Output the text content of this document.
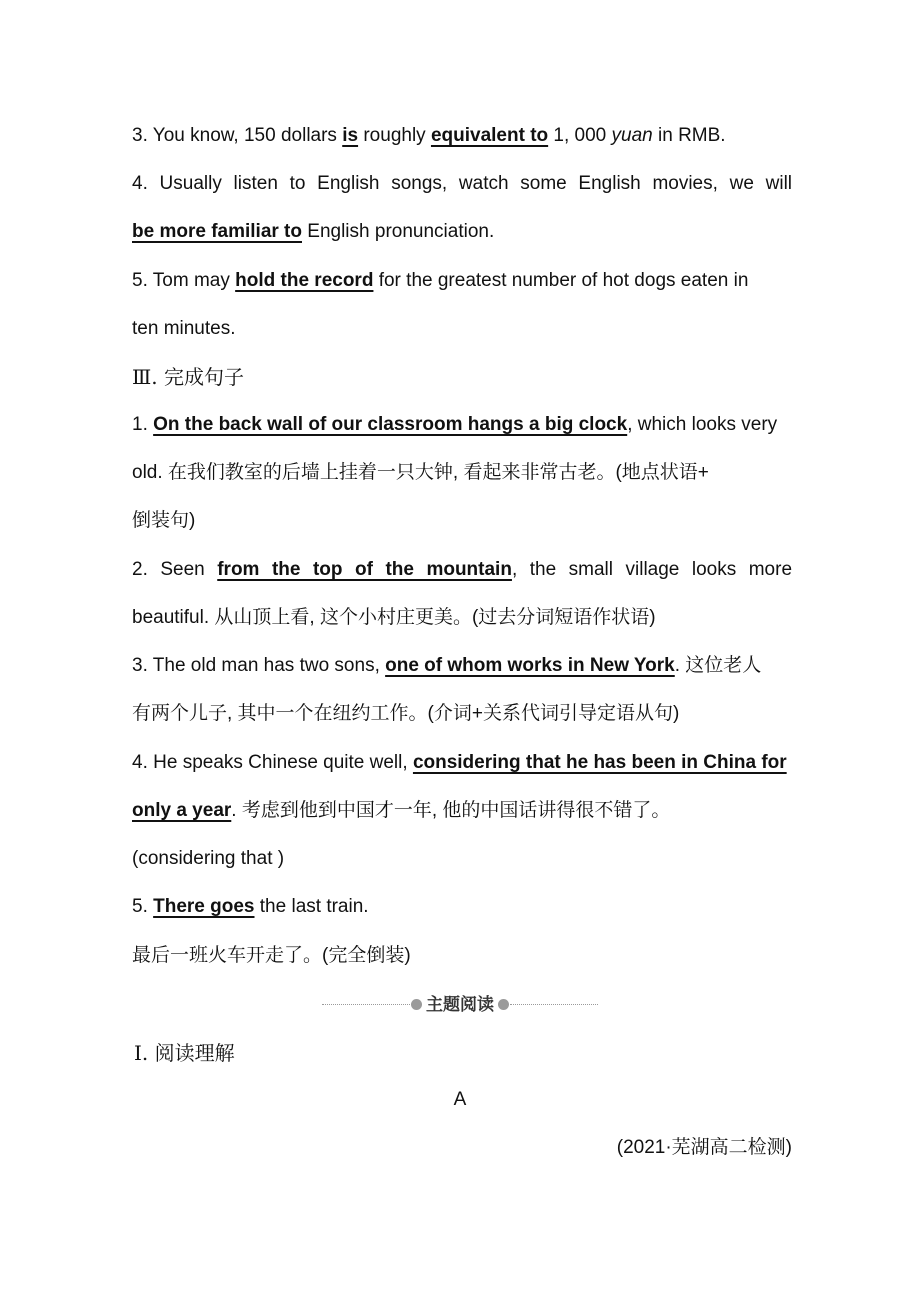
3. You know, 150 dollars is roughly equivalent to 1, 000 yuan in RMB.
4. Usually listen to English songs, watch some English movies, we will
be more familiar to English pronunciation.
5. Tom may hold the record for the greatest number of hot dogs eaten in
ten minutes.
Ⅲ. 完成句子
1. On the back wall of our classroom hangs a big clock, which looks very
old. 在我们教室的后墙上挂着一只大钟, 看起来非常古老。(地点状语+
倒装句)
2. Seen from the top of the mountain, the small village looks more
beautiful. 从山顶上看, 这个小村庄更美。(过去分词短语作状语)
3. The old man has two sons, one of whom works in New York. 这位老人
有两个儿子, 其中一个在纽约工作。(介词+关系代词引导定语从句)
4. He speaks Chinese quite well, considering that he has been in China for
only a year. 考虑到他到中国才一年, 他的中国话讲得很不错了。
(considering that )
5. There goes the last train.
最后一班火车开走了。(完全倒装)
主题阅读
Ⅰ. 阅读理解
A
(2021·芜湖高二检测)
